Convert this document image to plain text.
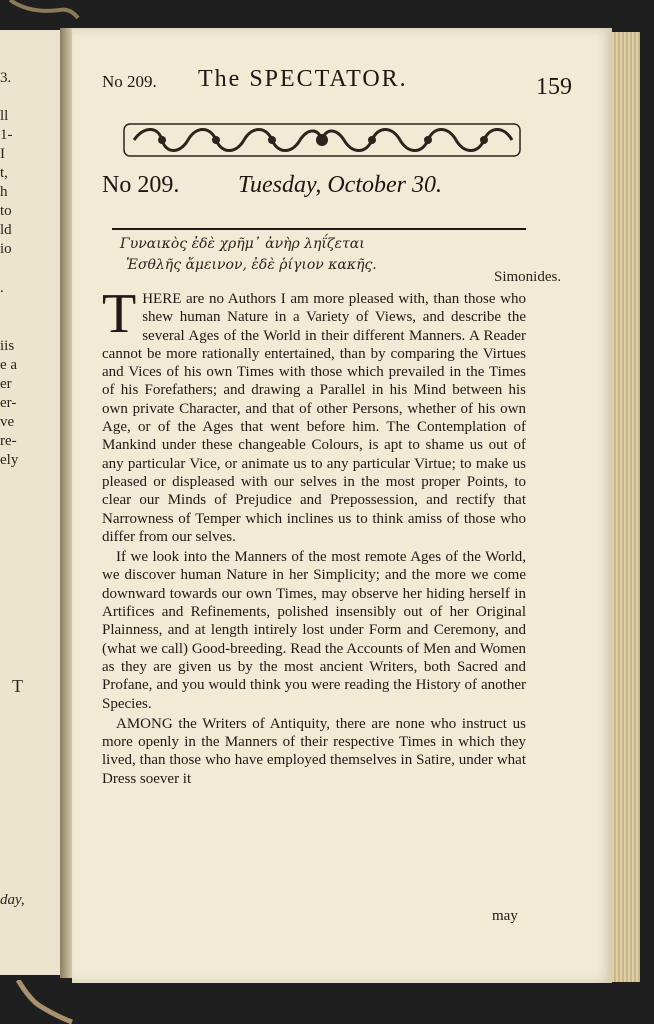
3.
ll
1-
I
t,
h
to
ld
io
.
iis
e a
er
er-
ve
re-
ely
T
day,
No 209. The SPECTATOR.	159
No 209. Tuesday, October 30.
Γυναικὸς ἐδὲ χρῆμ᾿ ἀνὴρ ληΐζεται
Ἐσθλῆς ἄμεινον, ἐδὲ ῥίγιον κακῆς.
Simonides.

THERE are no Authors I am more pleased with, than those who shew human Nature in a Variety of Views, and describe the several Ages of the World in their different Manners. A Reader cannot be more rationally entertained, than by comparing the Virtues and Vices of his own Times with those which prevailed in the Times of his Forefathers; and drawing a Parallel in his Mind between his own private Character, and that of other Persons, whether of his own Age, or of the Ages that went before him. The Contemplation of Mankind under these changeable Colours, is apt to shame us out of any particular Vice, or animate us to any particular Virtue; to make us pleased or displeased with our selves in the most proper Points, to clear our Minds of Prejudice and Prepossession, and rectify that Narrowness of Temper which inclines us to think amiss of those who differ from our selves.

If we look into the Manners of the most remote Ages of the World, we discover human Nature in her Simplicity; and the more we come downward towards our own Times, may observe her hiding herself in Artifices and Refinements, polished insensibly out of her Original Plainness, and at length intirely lost under Form and Ceremony, and (what we call) Good-breeding. Read the Accounts of Men and Women as they are given us by the most ancient Writers, both Sacred and Profane, and you would think you were reading the History of another Species.

AMONG the Writers of Antiquity, there are none who instruct us more openly in the Manners of their respective Times in which they lived, than those who have employed themselves in Satire, under what Dress soever it

may
